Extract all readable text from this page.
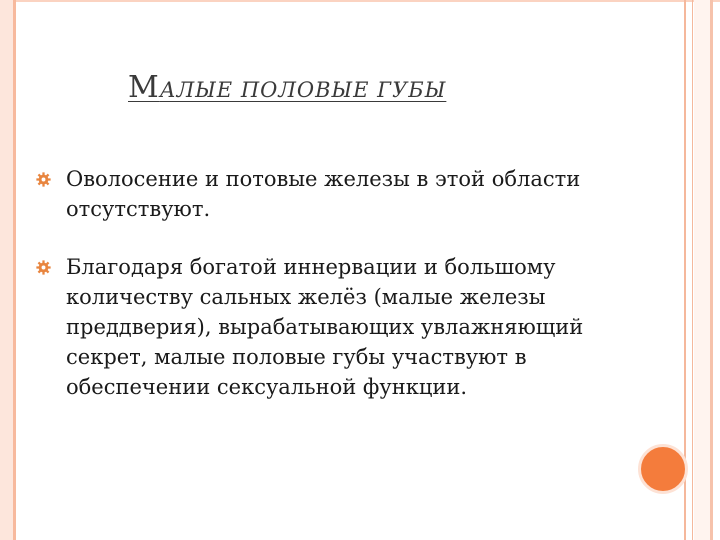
МАЛЫЕ ПОЛОВЫЕ ГУБЫ
Оволосение и потовые железы в этой области отсутствуют.
Благодаря богатой иннервации и большому количеству сальных желёз (малые железы преддверия), вырабатывающих увлажняющий секрет, малые половые губы участвуют в обеспечении сексуальной функции.
